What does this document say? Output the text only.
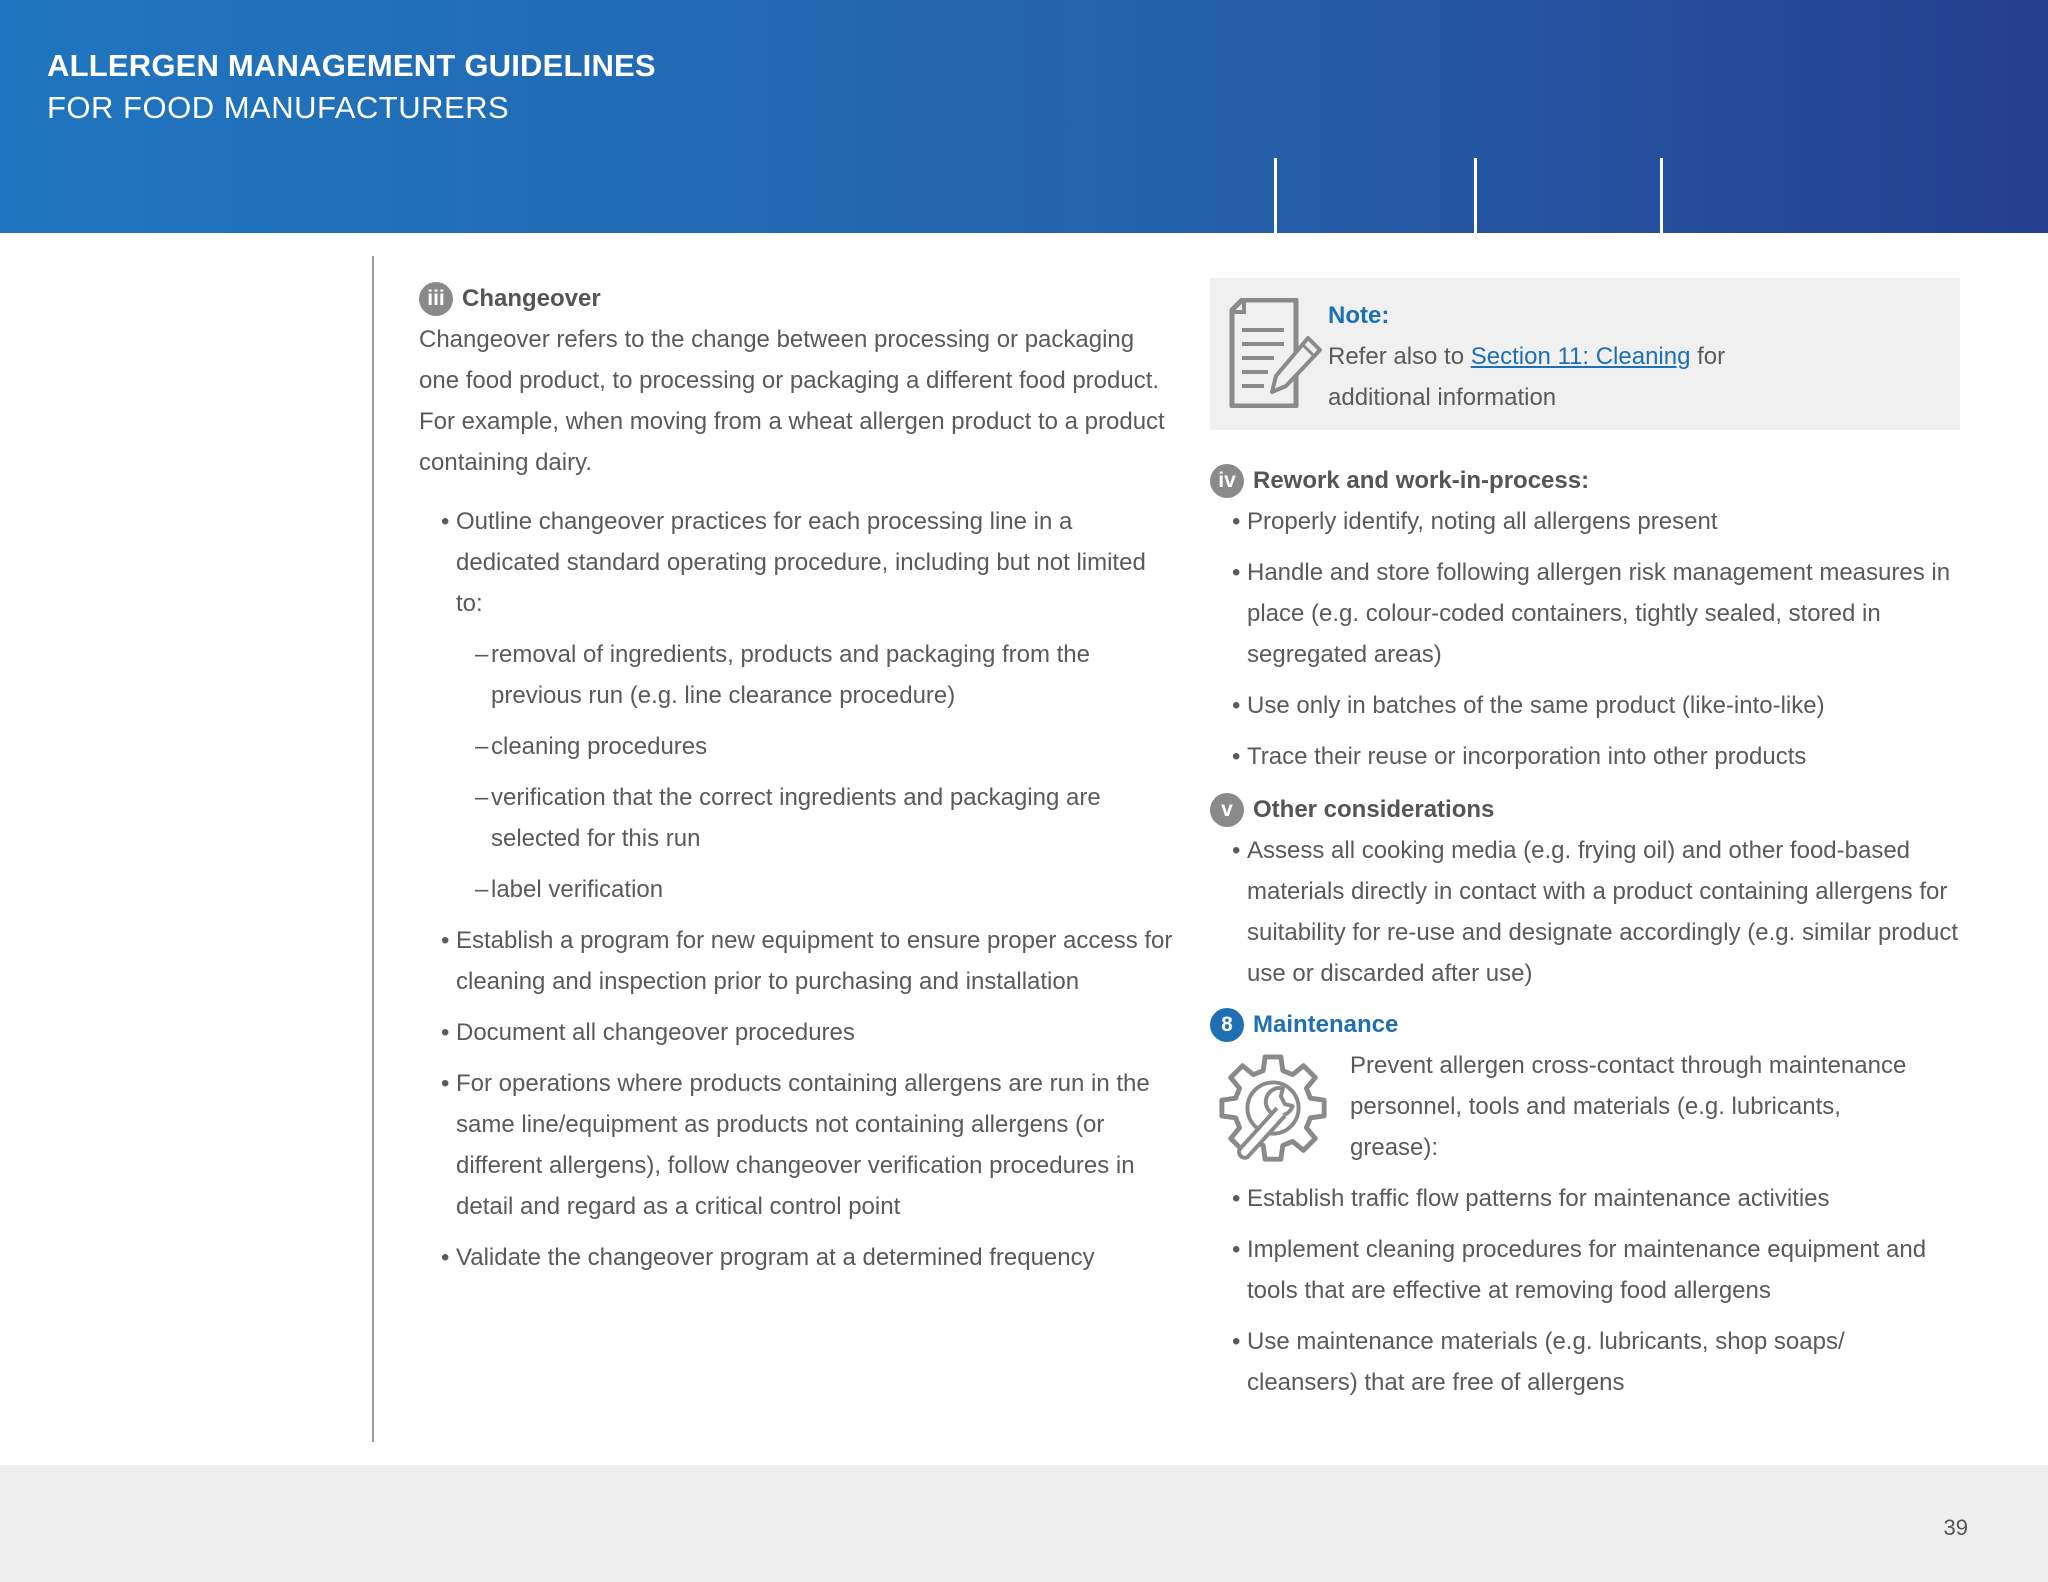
ALLERGEN MANAGEMENT GUIDELINES
FOR FOOD MANUFACTURERS
iii Changeover

Changeover refers to the change between processing or packaging one food product, to processing or packaging a different food product. For example, when moving from a wheat allergen product to a product containing dairy.

• Outline changeover practices for each processing line in a dedicated standard operating procedure, including but not limited to:
– removal of ingredients, products and packaging from the previous run (e.g. line clearance procedure)
– cleaning procedures
– verification that the correct ingredients and packaging are selected for this run
– label verification
• Establish a program for new equipment to ensure proper access for cleaning and inspection prior to purchasing and installation
• Document all changeover procedures
• For operations where products containing allergens are run in the same line/equipment as products not containing allergens (or different allergens), follow changeover verification procedures in detail and regard as a critical control point
• Validate the changeover program at a determined frequency
Note:
Refer also to Section 11: Cleaning for additional information
iv Rework and work-in-process:
• Properly identify, noting all allergens present
• Handle and store following allergen risk management measures in place (e.g. colour-coded containers, tightly sealed, stored in segregated areas)
• Use only in batches of the same product (like-into-like)
• Trace their reuse or incorporation into other products
v Other considerations
• Assess all cooking media (e.g. frying oil) and other food-based materials directly in contact with a product containing allergens for suitability for re-use and designate accordingly (e.g. similar product use or discarded after use)
8 Maintenance

Prevent allergen cross-contact through maintenance personnel, tools and materials (e.g. lubricants, grease):

• Establish traffic flow patterns for maintenance activities
• Implement cleaning procedures for maintenance equipment and tools that are effective at removing food allergens
• Use maintenance materials (e.g. lubricants, shop soaps/ cleansers) that are free of allergens
39
